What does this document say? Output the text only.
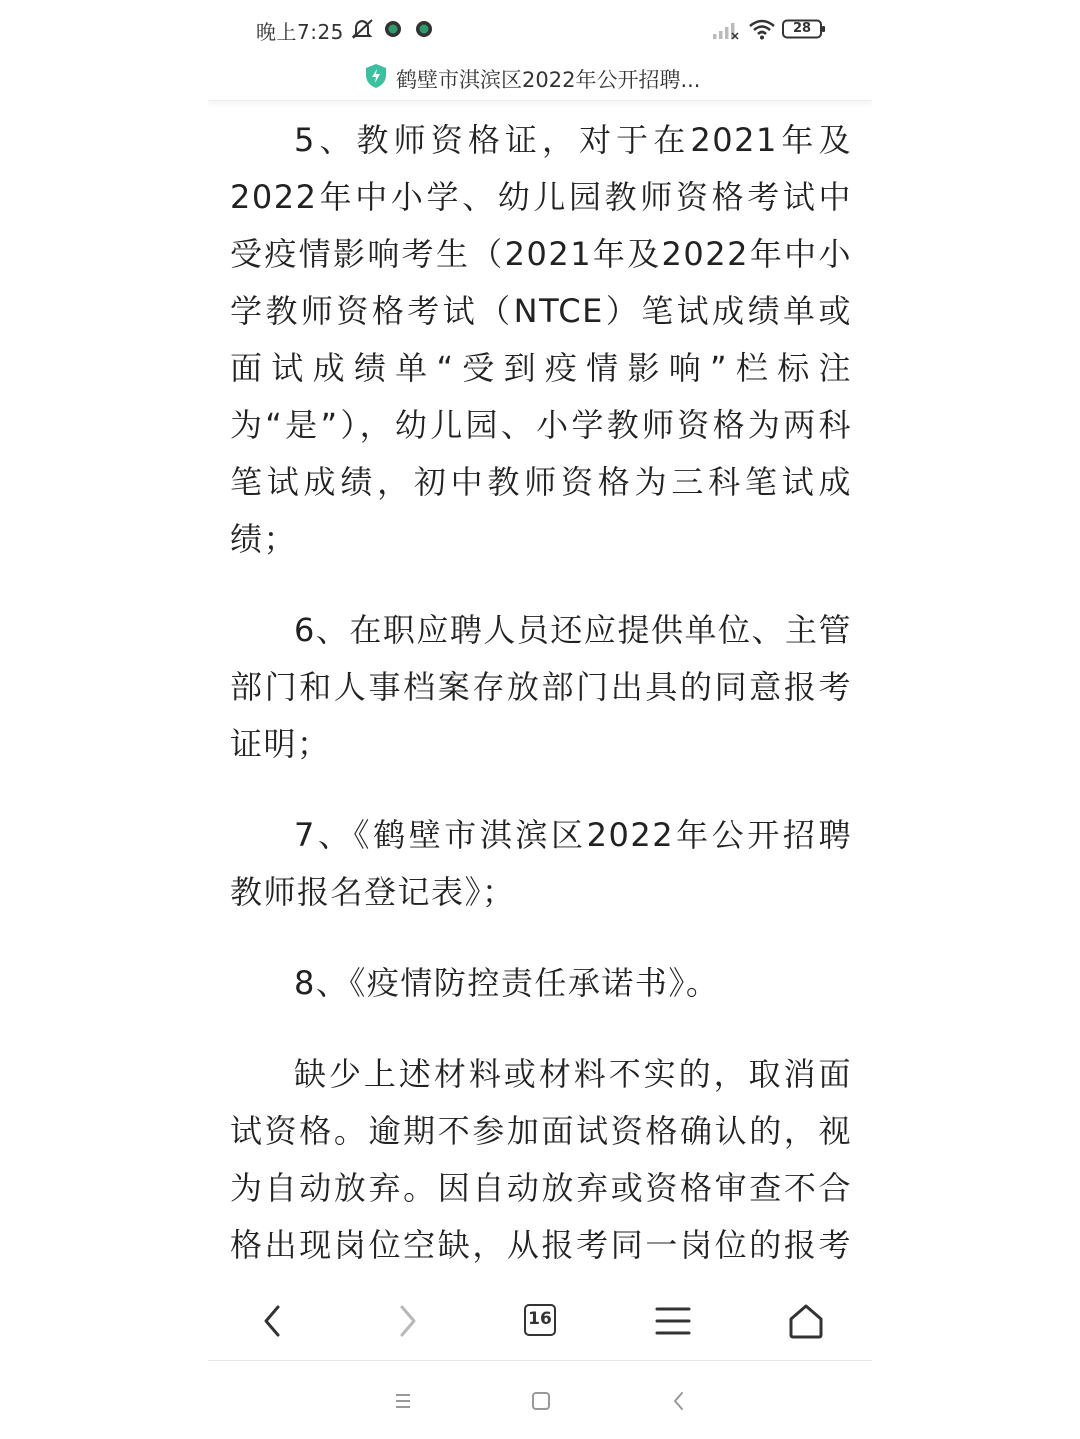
晚上7:25	28
鹤壁市淇滨区2022年公开招聘...

5、教师资格证，对于在2021年及2022年中小学、幼儿园教师资格考试中受疫情影响考生（2021年及2022年中小学教师资格考试（NTCE）笔试成绩单或面试成绩单“受到疫情影响”栏标注为“是”），幼儿园、小学教师资格为两科笔试成绩，初中教师资格为三科笔试成绩；

6、在职应聘人员还应提供单位、主管部门和人事档案存放部门出具的同意报考证明；

7、《鹤壁市淇滨区2022年公开招聘教师报名登记表》；

8、《疫情防控责任承诺书》。

缺少上述材料或材料不实的，取消面试资格。逾期不参加面试资格确认的，视为自动放弃。因自动放弃或资格审查不合格出现岗位空缺，从报考同一岗位的报考

16
